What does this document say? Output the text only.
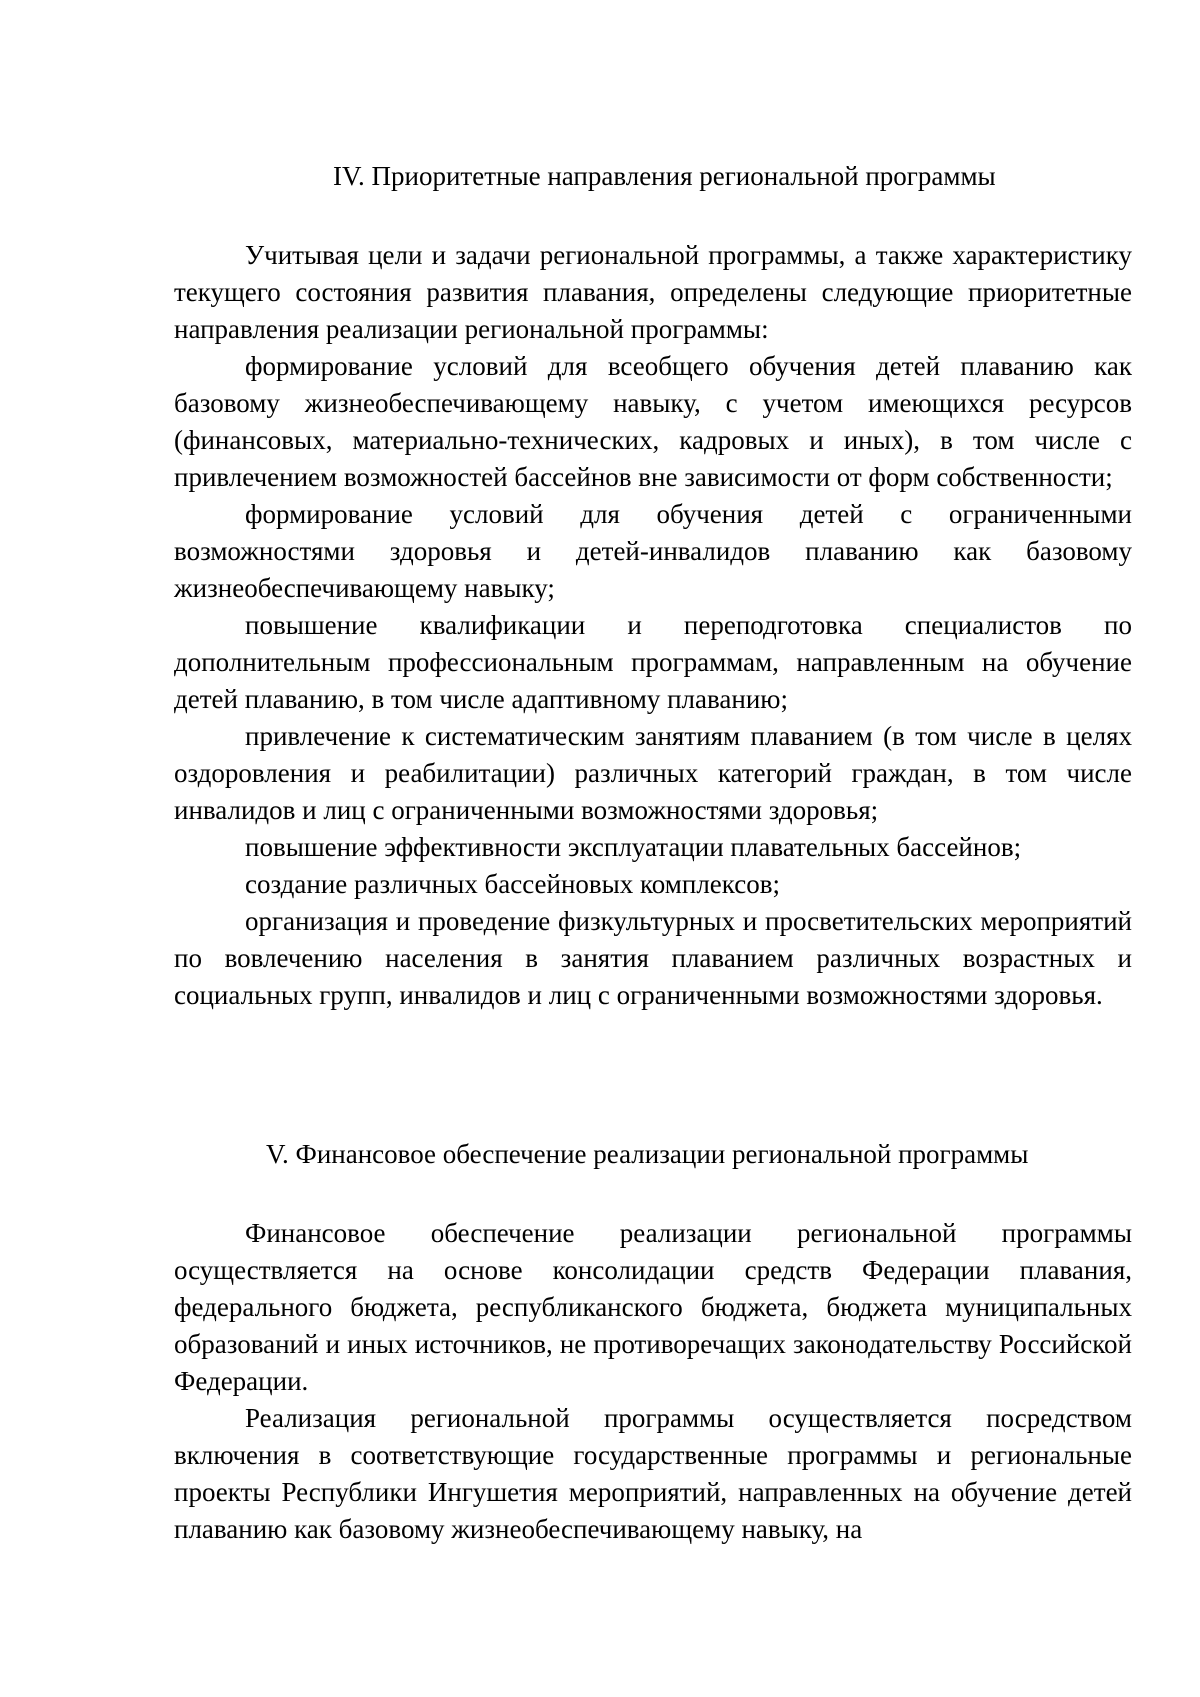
IV. Приоритетные направления региональной программы

Учитывая цели и задачи региональной программы, а также характеристику текущего состояния развития плавания, определены следующие приоритетные направления реализации региональной программы:

формирование условий для всеобщего обучения детей плаванию как базовому жизнеобеспечивающему навыку, с учетом имеющихся ресурсов (финансовых, материально-технических, кадровых и иных), в том числе с привлечением возможностей бассейнов вне зависимости от форм собственности;

формирование условий для обучения детей с ограниченными возможностями здоровья и детей-инвалидов плаванию как базовому жизнеобеспечивающему навыку;

повышение квалификации и переподготовка специалистов по дополнительным профессиональным программам, направленным на обучение детей плаванию, в том числе адаптивному плаванию;

привлечение к систематическим занятиям плаванием (в том числе в целях оздоровления и реабилитации) различных категорий граждан, в том числе инвалидов и лиц с ограниченными возможностями здоровья;

повышение эффективности эксплуатации плавательных бассейнов;

создание различных бассейновых комплексов;

организация и проведение физкультурных и просветительских мероприятий по вовлечению населения в занятия плаванием различных возрастных и социальных групп, инвалидов и лиц с ограниченными возможностями здоровья.

V. Финансовое обеспечение реализации региональной программы

Финансовое обеспечение реализации региональной программы осуществляется на основе консолидации средств Федерации плавания, федерального бюджета, республиканского бюджета, бюджета муниципальных образований и иных источников, не противоречащих законодательству Российской Федерации.

Реализация региональной программы осуществляется посредством включения в соответствующие государственные программы и региональные проекты Республики Ингушетия мероприятий, направленных на обучение детей плаванию как базовому жизнеобеспечивающему навыку, на
